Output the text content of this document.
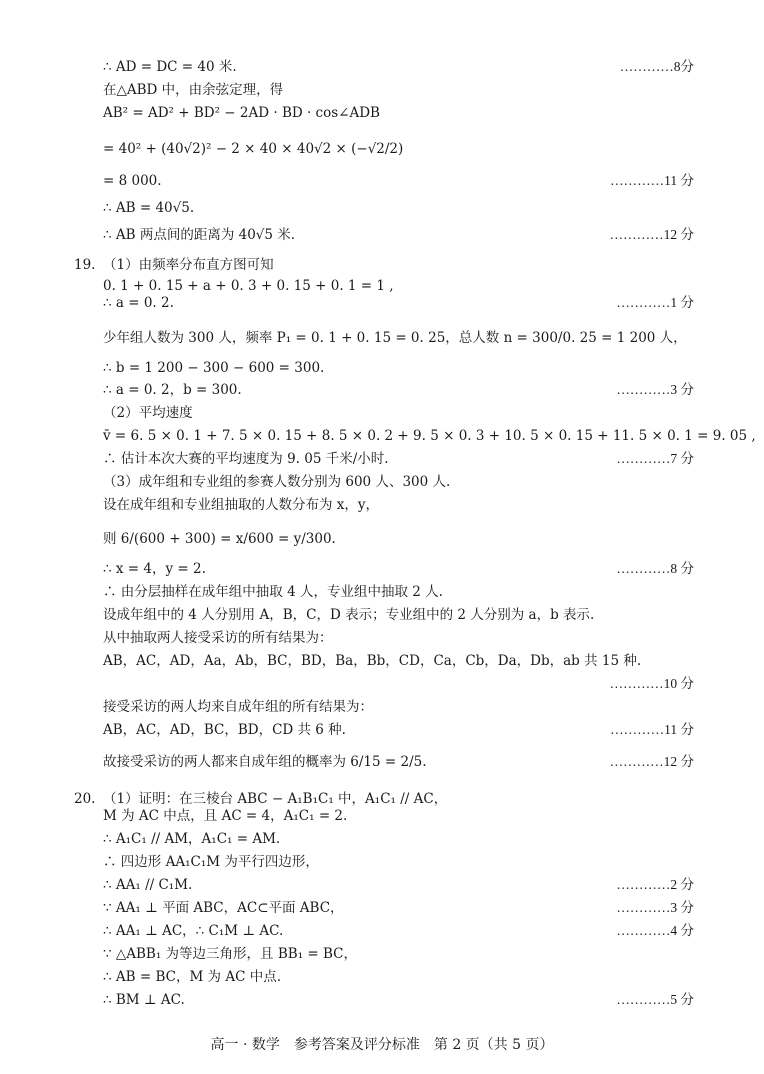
19. （1）由频率分布直方图可知
20. （1）证明：在三棱台 ABC − A₁B₁C₁ 中，A₁C₁ // AC，
∴ AD = DC = 40 米.	…………8分
在△ABD 中，由余弦定理，得
AB² = AD² + BD² − 2AD · BD · cos∠ADB
= 40² + (40√2)² − 2 × 40 × 40√2 × (−√2/2)
= 8 000.	…………11 分
∴ AB = 40√5.
∴ AB 两点间的距离为 40√5 米.	…………12 分
0. 1 + 0. 15 + a + 0. 3 + 0. 15 + 0. 1 = 1 ,
∴ a = 0. 2.	…………1 分
少年组人数为 300 人，频率 P₁ = 0. 1 + 0. 15 = 0. 25，总人数 n = 300/0. 25 = 1 200 人，
∴ b = 1 200 − 300 − 600 = 300.
∴ a = 0. 2，b = 300.	…………3 分
（2）平均速度
v̄ = 6. 5 × 0. 1 + 7. 5 × 0. 15 + 8. 5 × 0. 2 + 9. 5 × 0. 3 + 10. 5 × 0. 15 + 11. 5 × 0. 1 = 9. 05 ,
∴ 估计本次大赛的平均速度为 9. 05 千米/小时.	…………7 分
（3）成年组和专业组的参赛人数分别为 600 人、300 人.
设在成年组和专业组抽取的人数分布为 x，y，
则 6/(600 + 300) = x/600 = y/300.
∴ x = 4，y = 2.	…………8 分
∴ 由分层抽样在成年组中抽取 4 人，专业组中抽取 2 人.
设成年组中的 4 人分别用 A，B，C，D 表示；专业组中的 2 人分别为 a，b 表示.
从中抽取两人接受采访的所有结果为：
AB，AC，AD，Aa，Ab，BC，BD，Ba，Bb，CD，Ca，Cb，Da，Db，ab 共 15 种.
…………10 分
接受采访的两人均来自成年组的所有结果为：
AB，AC，AD，BC，BD，CD 共 6 种.	…………11 分
故接受采访的两人都来自成年组的概率为 6/15 = 2/5.	…………12 分
M 为 AC 中点，且 AC = 4，A₁C₁ = 2.
∴ A₁C₁ // AM，A₁C₁ = AM.
∴ 四边形 AA₁C₁M 为平行四边形，
∴ AA₁ // C₁M.	…………2 分
∵ AA₁ ⊥ 平面 ABC，AC⊂平面 ABC，	…………3 分
∴ AA₁ ⊥ AC，∴ C₁M ⊥ AC.	…………4 分
∵ △ABB₁ 为等边三角形，且 BB₁ = BC，
∴ AB = BC，M 为 AC 中点.
∴ BM ⊥ AC.	…………5 分
高一 · 数学　参考答案及评分标准　第 2 页（共 5 页）
